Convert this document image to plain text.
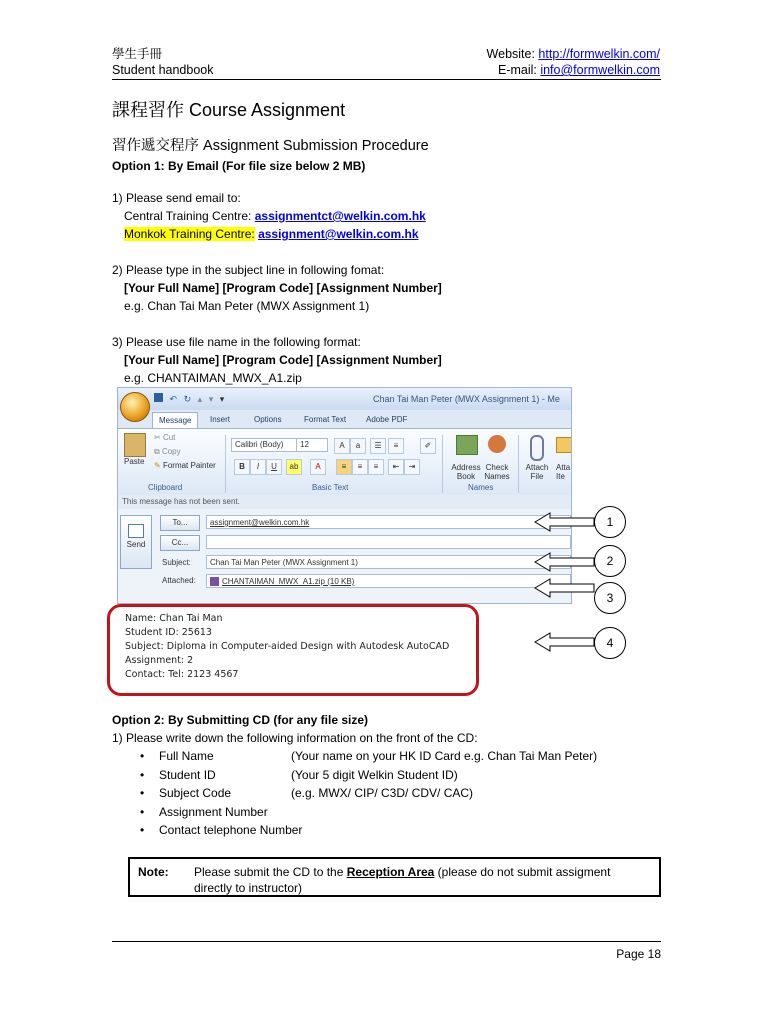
學生手冊
Student handbook
Website: http://formwelkin.com/
E-mail: info@formwelkin.com
課程習作 Course Assignment
習作遞交程序 Assignment Submission Procedure
Option 1: By Email (For file size below 2 MB)
1) Please send email to:
Central Training Centre: assignmentct@welkin.com.hk
Monkok Training Centre: assignment@welkin.com.hk
2) Please type in the subject line in following fomat:
[Your Full Name] [Program Code] [Assignment Number]
e.g. Chan Tai Man Peter (MWX Assignment 1)
3) Please use file name in the following format:
[Your Full Name] [Program Code] [Assignment Number]
e.g. CHANTAIMAN_MWX_A1.zip
↶ ↻ ▴ ▾ ▾	Chan Tai Man Peter (MWX Assignment 1) - Me
Message	Insert	Options	Format Text	Adobe PDF
Paste
✂ Cut
⧉ Copy
✎ Format Painter
Clipboard
Calibri (Body)	12	A	a	☰	≡	✐
B	I	U	ab	A	≡	≡	≡	⇤	⇥
Basic Text
Address Book
Check Names
Names
Attach File
Atta Ite
This message has not been sent.
Send
To...	assignment@welkin.com.hk
Cc...
Subject:	Chan Tai Man Peter (MWX Assignment 1)
Attached:	CHANTAIMAN_MWX_A1.zip (10 KB)
Name: Chan Tai Man
Student ID: 25613
Subject: Diploma in Computer-aided Design with Autodesk AutoCAD
Assignment: 2
Contact: Tel: 2123 4567
1
2
3
4
Option 2: By Submitting CD (for any file size)
1) Please write down the following information on the front of the CD:
• Full Name	(Your name on your HK ID Card e.g. Chan Tai Man Peter)
• Student ID	(Your 5 digit Welkin Student ID)
• Subject Code	(e.g. MWX/ CIP/ C3D/ CDV/ CAC)
• Assignment Number
• Contact telephone Number
Note: Please submit the CD to the Reception Area (please do not submit assigment
directly to instructor)
Page 18
